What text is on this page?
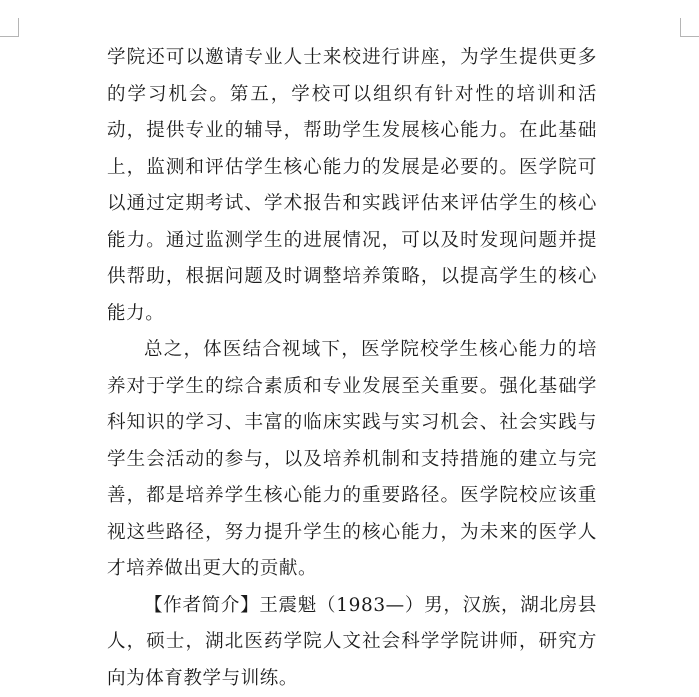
学院还可以邀请专业人士来校进行讲座，为学生提供更多的学习机会。第五，学校可以组织有针对性的培训和活动，提供专业的辅导，帮助学生发展核心能力。在此基础上，监测和评估学生核心能力的发展是必要的。医学院可以通过定期考试、学术报告和实践评估来评估学生的核心能力。通过监测学生的进展情况，可以及时发现问题并提供帮助，根据问题及时调整培养策略，以提高学生的核心能力。

总之，体医结合视域下，医学院校学生核心能力的培养对于学生的综合素质和专业发展至关重要。强化基础学科知识的学习、丰富的临床实践与实习机会、社会实践与学生会活动的参与，以及培养机制和支持措施的建立与完善，都是培养学生核心能力的重要路径。医学院校应该重视这些路径，努力提升学生的核心能力，为未来的医学人才培养做出更大的贡献。

【作者简介】王震魁（1983—）男，汉族，湖北房县人，硕士，湖北医药学院人文社会科学学院讲师，研究方向为体育教学与训练。
